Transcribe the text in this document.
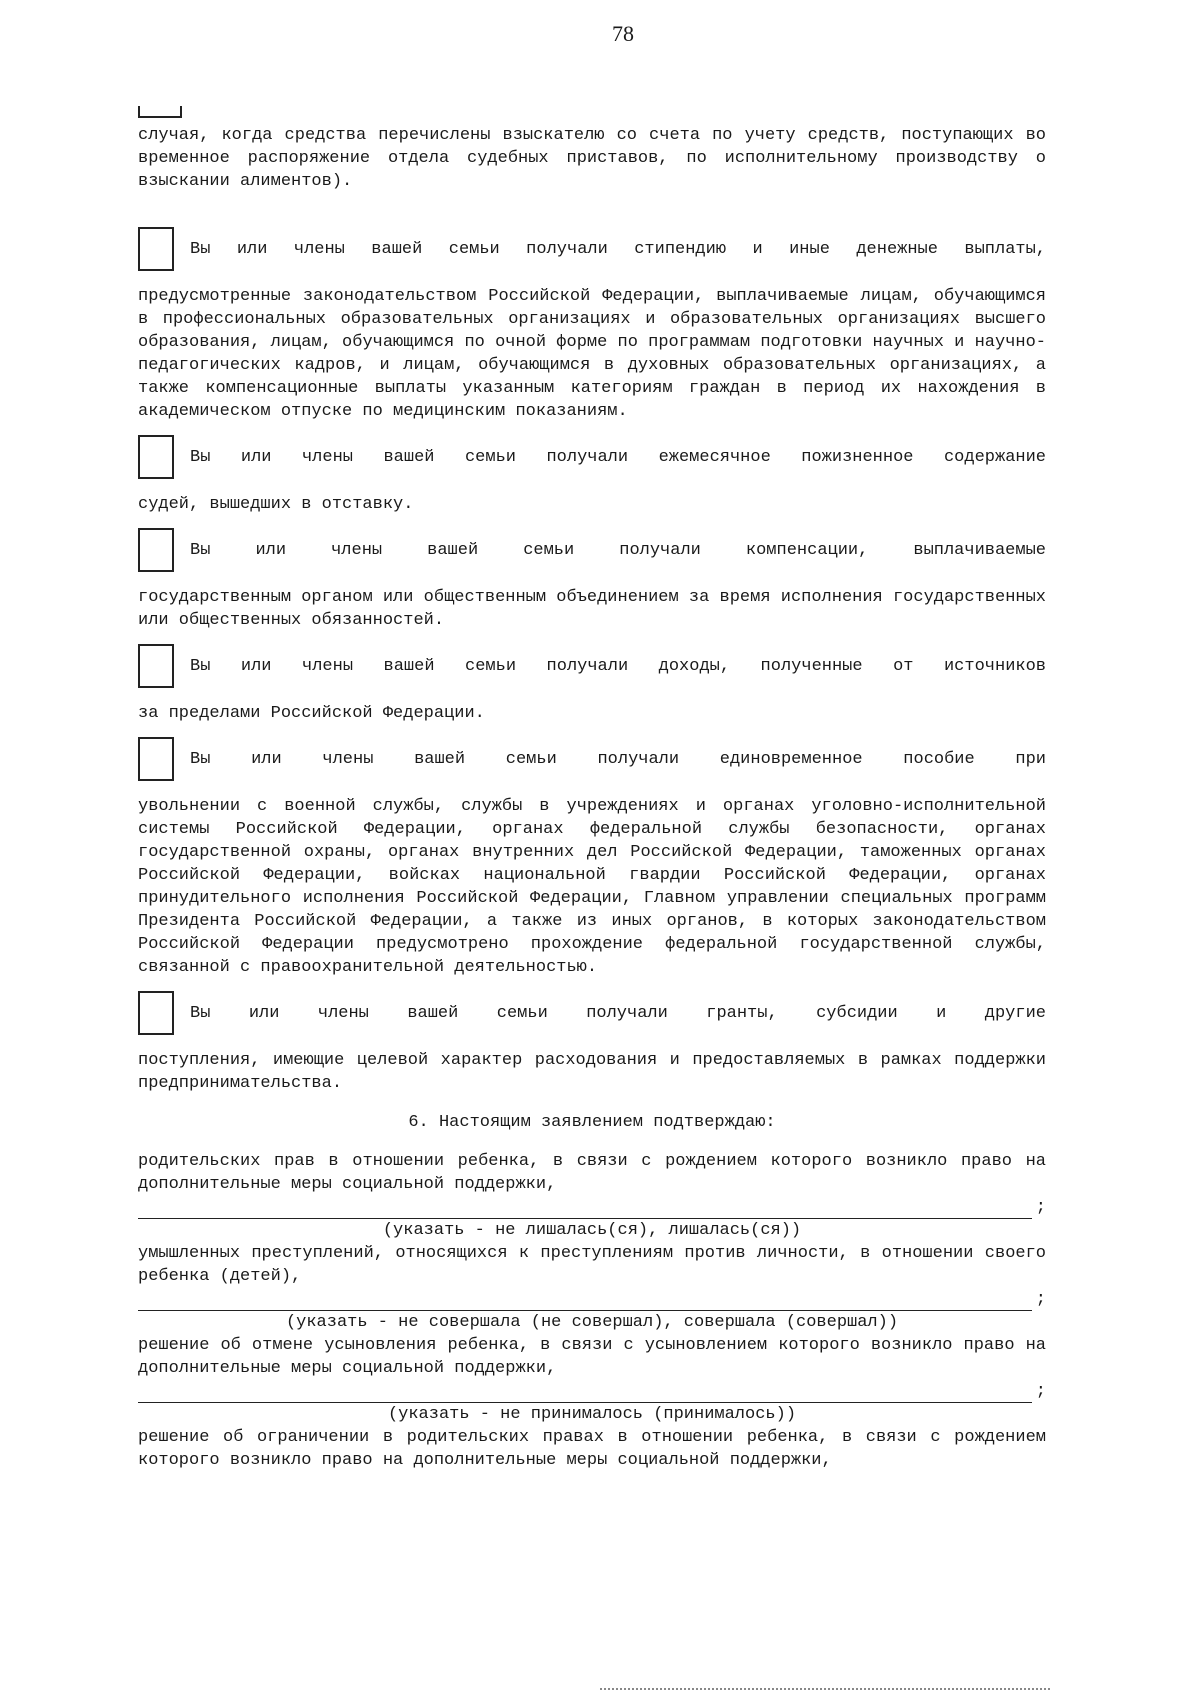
78

случая, когда средства перечислены взыскателю со счета по учету средств, поступающих во временное распоряжение отдела судебных приставов, по исполнительному производству о взыскании алиментов).

Вы или члены вашей семьи получали стипендию и иные денежные выплаты,

предусмотренные законодательством Российской Федерации, выплачиваемые лицам, обучающимся в профессиональных образовательных организациях и образовательных организациях высшего образования, лицам, обучающимся по очной форме по программам подготовки научных и научно-педагогических кадров, и лицам, обучающимся в духовных образовательных организациях, а также компенсационные выплаты указанным категориям граждан в период их нахождения в академическом отпуске по медицинским показаниям.

Вы или члены вашей семьи получали ежемесячное пожизненное содержание

судей, вышедших в отставку.

Вы или члены вашей семьи получали компенсации, выплачиваемые

государственным органом или общественным объединением за время исполнения государственных или общественных обязанностей.

Вы или члены вашей семьи получали доходы, полученные от источников

за пределами Российской Федерации.

Вы или члены вашей семьи получали единовременное пособие при

увольнении с военной службы, службы в учреждениях и органах уголовно-исполнительной системы Российской Федерации, органах федеральной службы безопасности, органах государственной охраны, органах внутренних дел Российской Федерации, таможенных органах Российской Федерации, войсках национальной гвардии Российской Федерации, органах принудительного исполнения Российской Федерации, Главном управлении специальных программ Президента Российской Федерации, а также из иных органов, в которых законодательством Российской Федерации предусмотрено прохождение федеральной государственной службы, связанной с правоохранительной деятельностью.

Вы или члены вашей семьи получали гранты, субсидии и другие

поступления, имеющие целевой характер расходования и предоставляемых в рамках поддержки предпринимательства.

6. Настоящим заявлением подтверждаю:

родительских прав в отношении ребенка, в связи с рождением которого возникло право на дополнительные меры социальной поддержки,

;

(указать - не лишалась(ся), лишалась(ся))

умышленных преступлений, относящихся к преступлениям против личности, в отношении своего ребенка (детей),

;

(указать - не совершала (не совершал), совершала (совершал))

решение об отмене усыновления ребенка, в связи с усыновлением которого возникло право на дополнительные меры социальной поддержки,

;

(указать - не принималось (принималось))

решение об ограничении в родительских правах в отношении ребенка, в связи с рождением которого возникло право на дополнительные меры социальной поддержки,
